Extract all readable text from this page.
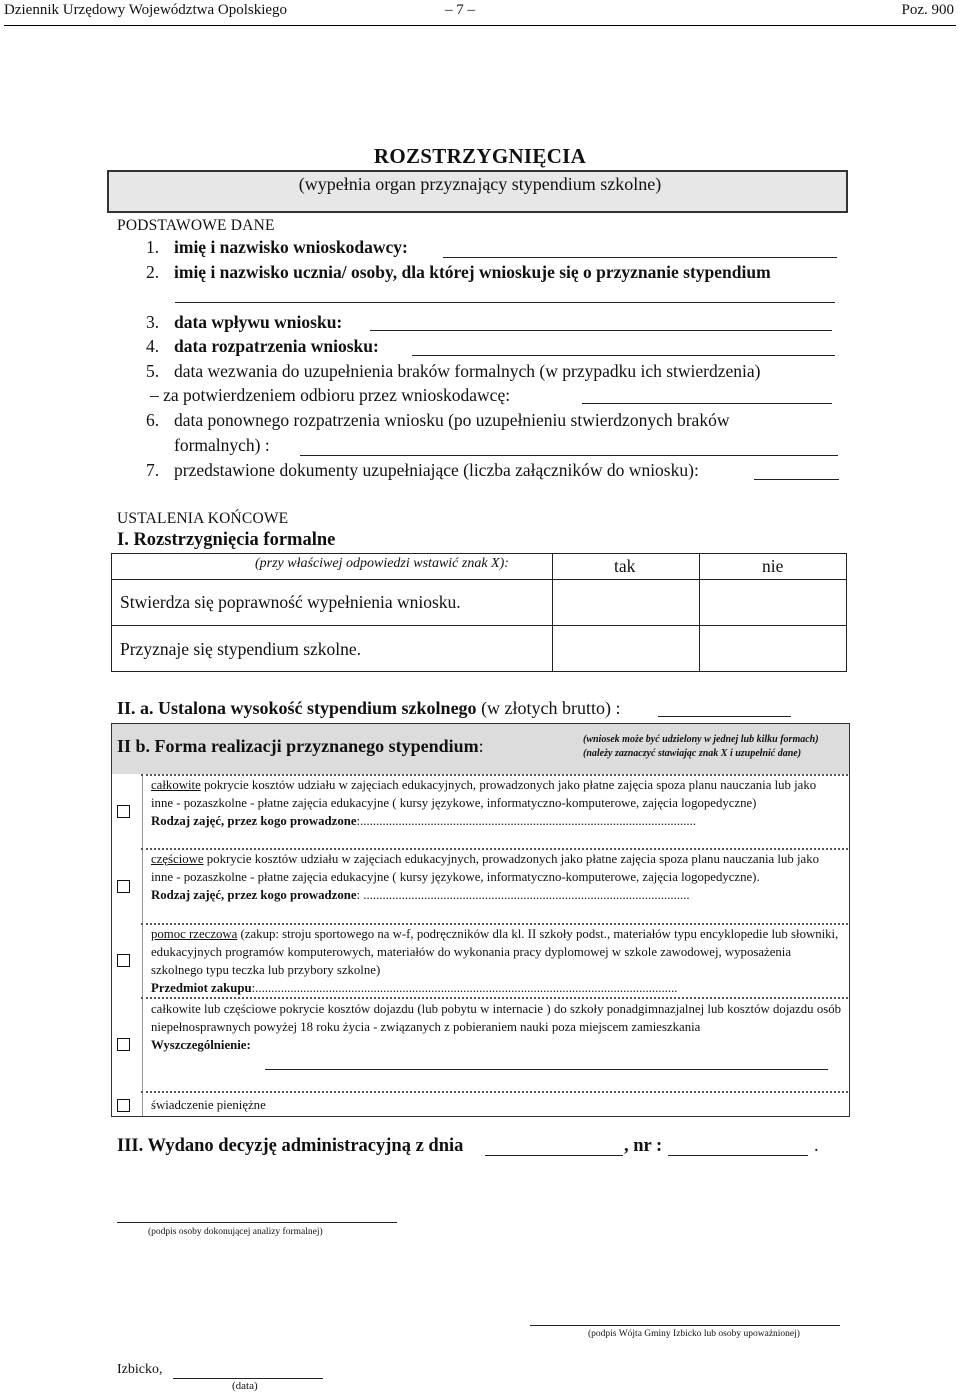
Dziennik Urzędowy Województwa Opolskiego	– 7 –	Poz. 900
ROZSTRZYGNIĘCIA
(wypełnia organ przyznający stypendium szkolne)
PODSTAWOWE DANE
1. imię i nazwisko wnioskodawcy:
2. imię i nazwisko ucznia/ osoby, dla której wnioskuje się o przyznanie stypendium
3. data wpływu wniosku:
4. data rozpatrzenia wniosku:
5. data wezwania do uzupełnienia braków formalnych (w przypadku ich stwierdzenia)
– za potwierdzeniem odbioru przez wnioskodawcę:
6. data ponownego rozpatrzenia wniosku (po uzupełnieniu stwierdzonych braków
formalnych) :
7. przedstawione dokumenty uzupełniające (liczba załączników do wniosku):
USTALENIA KOŃCOWE
I. Rozstrzygnięcia formalne
(przy właściwej odpowiedzi wstawić znak X):	tak	nie
Stwierdza się poprawność wypełnienia wniosku.
Przyznaje się stypendium szkolne.
II. a. Ustalona wysokość stypendium szkolnego (w złotych brutto) :
II b. Forma realizacji przyznanego stypendium:	(wniosek może być udzielony w jednej lub kilku formach)
(należy zaznaczyć stawiając znak X i uzupełnić dane)
całkowite pokrycie kosztów udziału w zajęciach edukacyjnych, prowadzonych jako płatne zajęcia spoza planu nauczania lub jako inne - pozaszkolne - płatne zajęcia edukacyjne ( kursy językowe, informatyczno-komputerowe, zajęcia logopedyczne)
Rodzaj zajęć, przez kogo prowadzone:.........................................................................................................
częściowe pokrycie kosztów udziału w zajęciach edukacyjnych, prowadzonych jako płatne zajęcia spoza planu nauczania lub jako inne - pozaszkolne - płatne zajęcia edukacyjne ( kursy językowe, informatyczno-komputerowe, zajęcia logopedyczne).
Rodzaj zajęć, przez kogo prowadzone: ......................................................................................................
pomoc rzeczowa (zakup: stroju sportowego na w-f, podręczników dla kl. II szkoły podst., materiałów typu encyklopedie lub słowniki, edukacyjnych programów komputerowych, materiałów do wykonania pracy dyplomowej w szkole zawodowej, wyposażenia szkolnego typu teczka lub przybory szkolne)
Przedmiot zakupu:....................................................................................................................................
całkowite lub częściowe pokrycie kosztów dojazdu (lub pobytu w internacie ) do szkoły ponadgimnazjalnej lub kosztów dojazdu osób niepełnosprawnych powyżej 18 roku życia - związanych z pobieraniem nauki poza miejscem zamieszkania
Wyszczególnienie:
świadczenie pieniężne
III. Wydano decyzję administracyjną z dnia	, nr :	.
(podpis osoby dokonującej analizy formalnej)
(podpis Wójta Gminy Izbicko lub osoby upoważnionej)
Izbicko,
(data)
